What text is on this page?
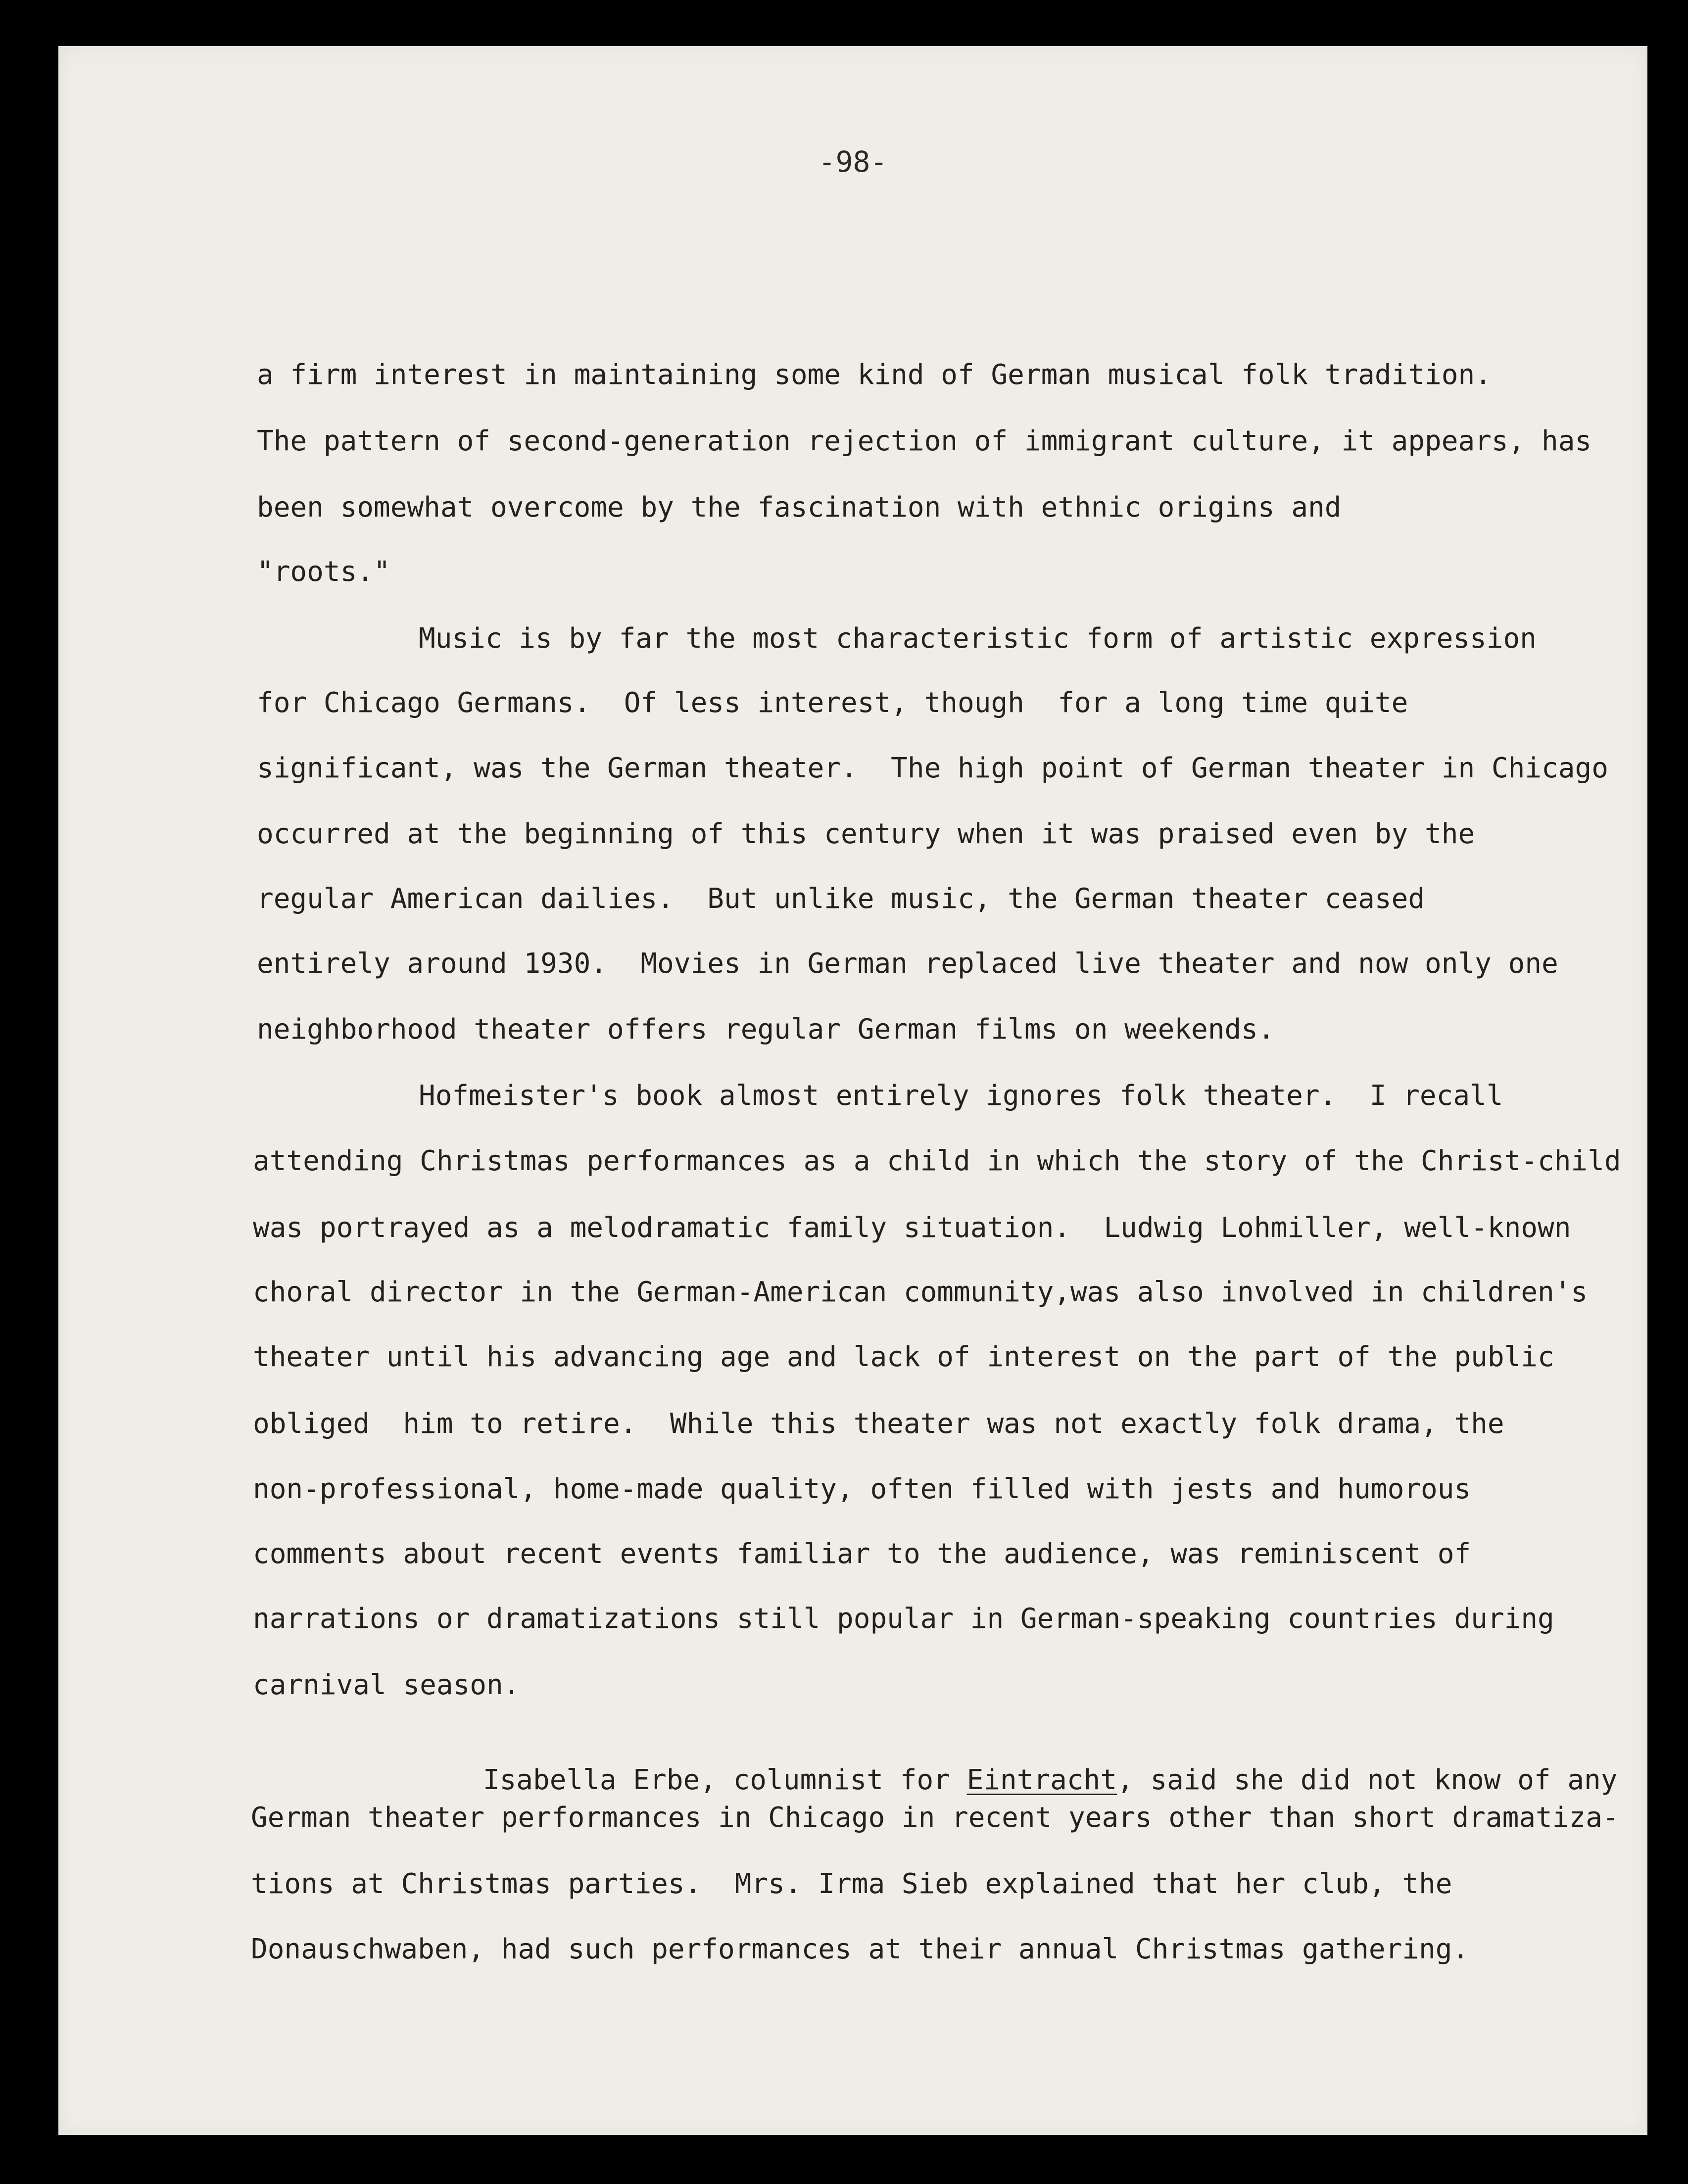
-98-
a firm interest in maintaining some kind of German musical folk tradition.
The pattern of second-generation rejection of immigrant culture, it appears, has
been somewhat overcome by the fascination with ethnic origins and
"roots."
Music is by far the most characteristic form of artistic expression
for Chicago Germans.  Of less interest, though  for a long time quite
significant, was the German theater.  The high point of German theater in Chicago
occurred at the beginning of this century when it was praised even by the
regular American dailies.  But unlike music, the German theater ceased
entirely around 1930.  Movies in German replaced live theater and now only one
neighborhood theater offers regular German films on weekends.
Hofmeister's book almost entirely ignores folk theater.  I recall
attending Christmas performances as a child in which the story of the Christ-child
was portrayed as a melodramatic family situation.  Ludwig Lohmiller, well-known
choral director in the German-American community,was also involved in children's
theater until his advancing age and lack of interest on the part of the public
obliged  him to retire.  While this theater was not exactly folk drama, the
non-professional, home-made quality, often filled with jests and humorous
comments about recent events familiar to the audience, was reminiscent of
narrations or dramatizations still popular in German-speaking countries during
carnival season.

Isabella Erbe, columnist for Eintracht, said she did not know of any

German theater performances in Chicago in recent years other than short dramatiza-
tions at Christmas parties.  Mrs. Irma Sieb explained that her club, the
Donauschwaben, had such performances at their annual Christmas gathering.
